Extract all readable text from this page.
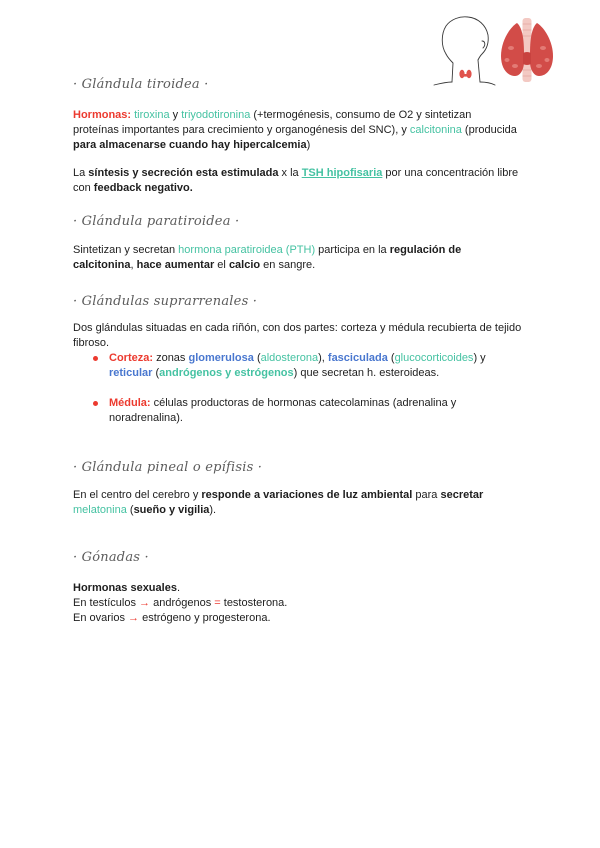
· Glándula tiroidea ·
Hormonas: tiroxina y triyodotironina (+termogénesis, consumo de O2 y sintetizan
proteínas importantes para crecimiento y organogénesis del SNC), y calcitonina (producida
para almacenarse cuando hay hipercalcemia)
La síntesis y secreción esta estimulada x la TSH hipofisaria por una concentración libre
con feedback negativo.
· Glándula paratiroidea ·
Sintetizan y secretan hormona paratiroidea (PTH) participa en la regulación de
calcitonina, hace aumentar el calcio en sangre.
· Glándulas suprarrenales ·
Dos glándulas situadas en cada riñón, con dos partes: corteza y médula recubierta de tejido
fibroso.
Corteza: zonas glomerulosa (aldosterona), fasciculada (glucocorticoides) y
reticular (andrógenos y estrógenos) que secretan h. esteroideas.
Médula: células productoras de hormonas catecolaminas (adrenalina y
noradrenalina).
· Glándula pineal o epífisis ·
En el centro del cerebro y responde a variaciones de luz ambiental para secretar
melatonina (sueño y vigilia).
· Gónadas ·
Hormonas sexuales.
En testículos → andrógenos = testosterona.
En ovarios → estrógeno y progesterona.
